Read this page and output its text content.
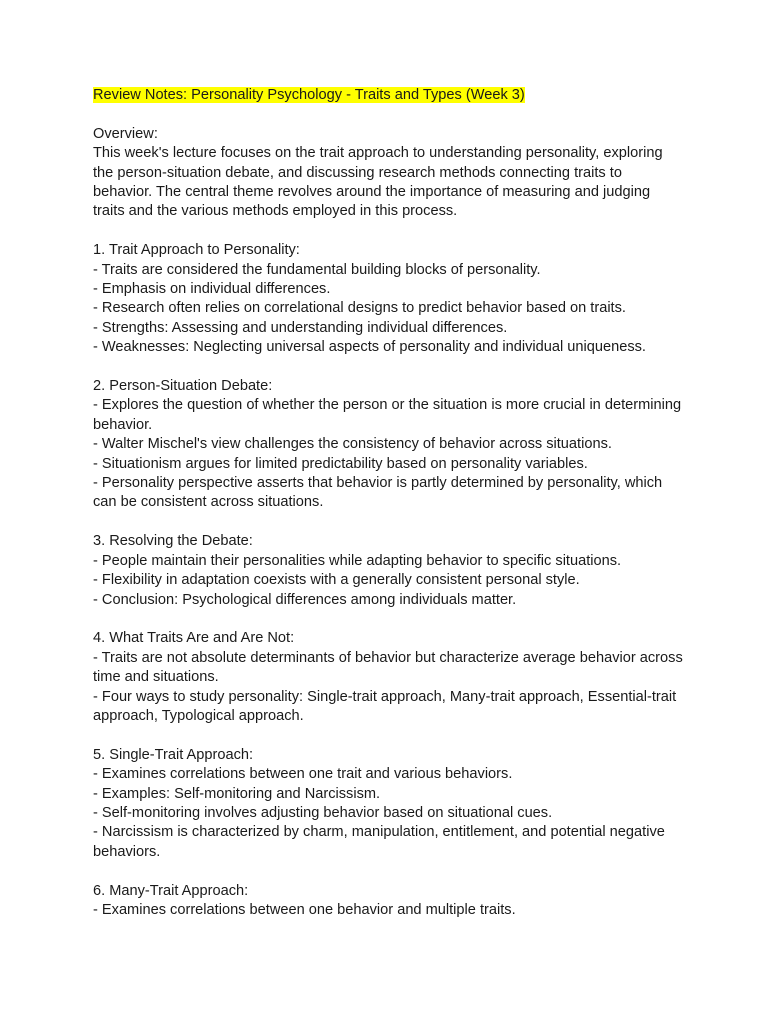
Review Notes: Personality Psychology - Traits and Types (Week 3)

Overview:

This week's lecture focuses on the trait approach to understanding personality, exploring the person-situation debate, and discussing research methods connecting traits to behavior. The central theme revolves around the importance of measuring and judging traits and the various methods employed in this process.

1. Trait Approach to Personality:

- Traits are considered the fundamental building blocks of personality.

- Emphasis on individual differences.

- Research often relies on correlational designs to predict behavior based on traits.

- Strengths: Assessing and understanding individual differences.

- Weaknesses: Neglecting universal aspects of personality and individual uniqueness.

2. Person-Situation Debate:

- Explores the question of whether the person or the situation is more crucial in determining behavior.

- Walter Mischel's view challenges the consistency of behavior across situations.

- Situationism argues for limited predictability based on personality variables.

- Personality perspective asserts that behavior is partly determined by personality, which can be consistent across situations.

3. Resolving the Debate:

- People maintain their personalities while adapting behavior to specific situations.

- Flexibility in adaptation coexists with a generally consistent personal style.

- Conclusion: Psychological differences among individuals matter.

4. What Traits Are and Are Not:

- Traits are not absolute determinants of behavior but characterize average behavior across time and situations.

- Four ways to study personality: Single-trait approach, Many-trait approach, Essential-trait approach, Typological approach.

5. Single-Trait Approach:

- Examines correlations between one trait and various behaviors.

- Examples: Self-monitoring and Narcissism.

- Self-monitoring involves adjusting behavior based on situational cues.

- Narcissism is characterized by charm, manipulation, entitlement, and potential negative behaviors.

6. Many-Trait Approach:

- Examines correlations between one behavior and multiple traits.
